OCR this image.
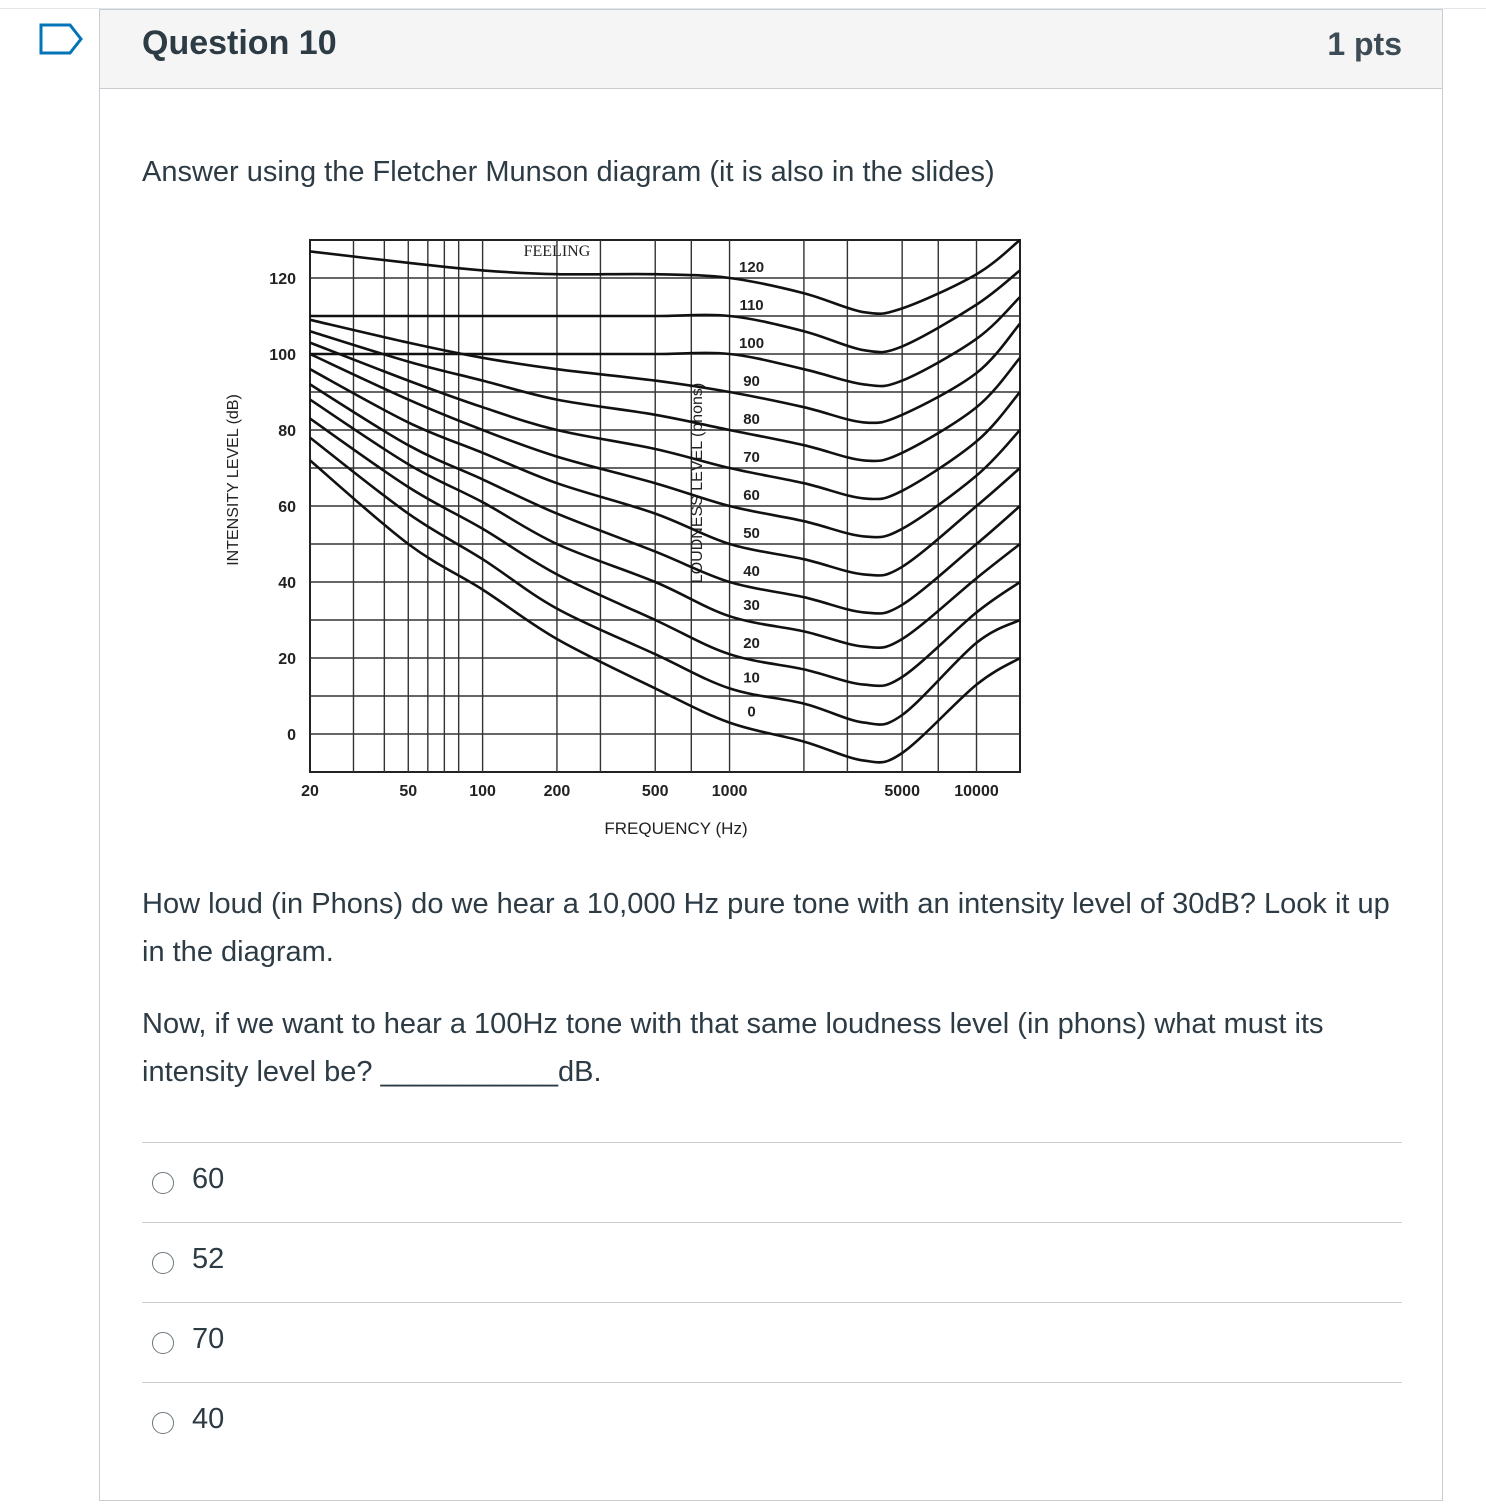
Question 10	1 pts
Answer using the Fletcher Munson diagram (it is also in the slides)
How loud (in Phons) do we hear a 10,000 Hz pure tone with an intensity level of 30dB? Look it up in the diagram.
Now, if we want to hear a 100Hz tone with that same loudness level (in phons) what must its intensity level be? ___________dB.
60
52
70
40
0
20
40
60
80
100
120
20	50	100	200	500	1000	5000 10000
FREQUENCY (Hz)
INTENSITY LEVEL (dB)	LOUDNESS LEVEL (phons)
FEELING
0
10
20
30
40
50
60
70
80
90
100
110
120
